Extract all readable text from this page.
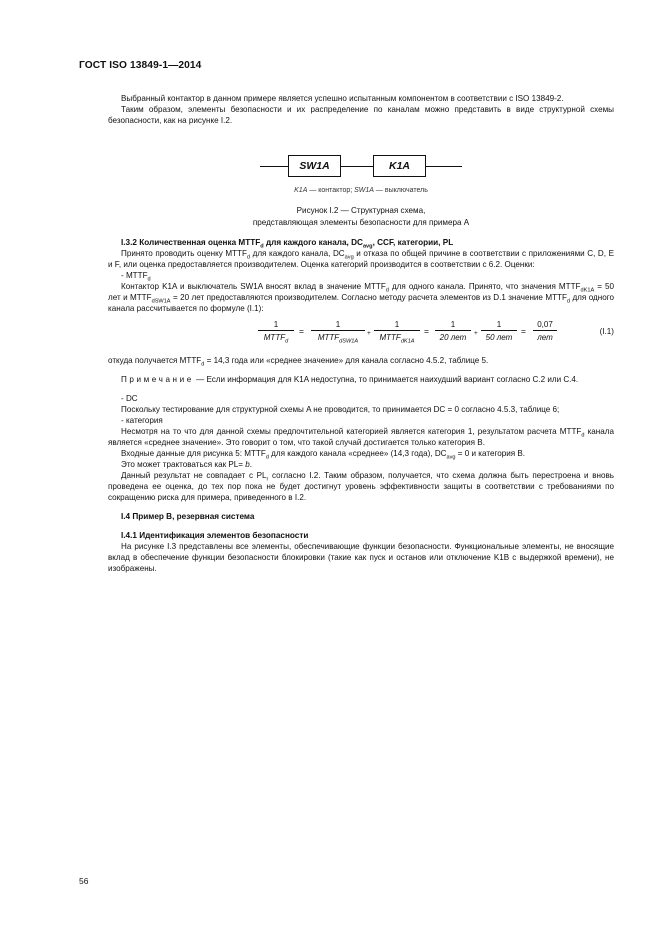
ГОСТ ISO 13849-1—2014

Выбранный контактор в данном примере является успешно испытанным компонентом в соответствии с ISO 13849-2.

Таким образом, элементы безопасности и их распределение по каналам можно представить в виде структурной схемы безопасности, как на рисунке I.2.

SW1A	K1A
K1A — контактор; SW1A — выключатель
Рисунок I.2 — Структурная схема,
представляющая элементы безопасности для примера А
I.3.2 Количественная оценка $MTTF_d$ для каждого канала, $DC_{avg}$, CCF, категории, PL

Принято проводить оценку $MTTF_d$ для каждого канала, $DC_{avg}$ и отказа по общей причине в соответствии с приложениями C, D, E и F, или оценка предоставляется производителем. Оценка категорий производится в соответствии с 6.2. Оценки:

- $MTTF_d$

Контактор K1A и выключатель SW1A вносят вклад в значение $MTTF_d$ для одного канала. Принято, что значения $MTTF_{dK1A} = 50$ лет и $MTTF_{dSW1A} = 20$ лет предоставляются производителем. Согласно методу расчета элементов из D.1 значение $MTTF_d$ для одного канала рассчитывается по формуле (I.1):

1
$MTTF_d$
=
1
$MTTF_{dSW1A}$
+
1
$MTTF_{dK1A}$
=
1
20 лет	+
1
50 лет
=
0,07
лет
(I.1)

откуда получается $MTTF_d = 14,3$ года или «среднее значение» для канала согласно 4.5.2, таблице 5.

Примечание — Если информация для K1A недоступна, то принимается наихудший вариант согласно C.2 или C.4.

- DC

Поскольку тестирование для структурной схемы A не проводится, то принимается DC = 0 согласно 4.5.3, таблице 6;

- категория

Несмотря на то что для данной схемы предпочтительной категорией является категория 1, результатом расчета $MTTF_d$ канала является «среднее значение». Это говорит о том, что такой случай достигается только категория B.

Входные данные для рисунка 5: $MTTF_d$ для каждого канала «среднее» (14,3 года), $DC_{avg} = 0$ и категория B.

Это может трактоваться как PL= b.

Данный результат не совпадает с $PL_r$ согласно I.2. Таким образом, получается, что схема должна быть перестроена и вновь проведена ее оценка, до тех пор пока не будет достигнут уровень эффективности защиты в соответствии с требованиями по сокращению риска для примера, приведенного в I.2.

I.4 Пример B, резервная система
I.4.1 Идентификация элементов безопасности

На рисунке I.3 представлены все элементы, обеспечивающие функции безопасности. Функциональные элементы, не вносящие вклад в обеспечение функции безопасности блокировки (такие как пуск и останов или отключение K1B с выдержкой времени), не изображены.

56
